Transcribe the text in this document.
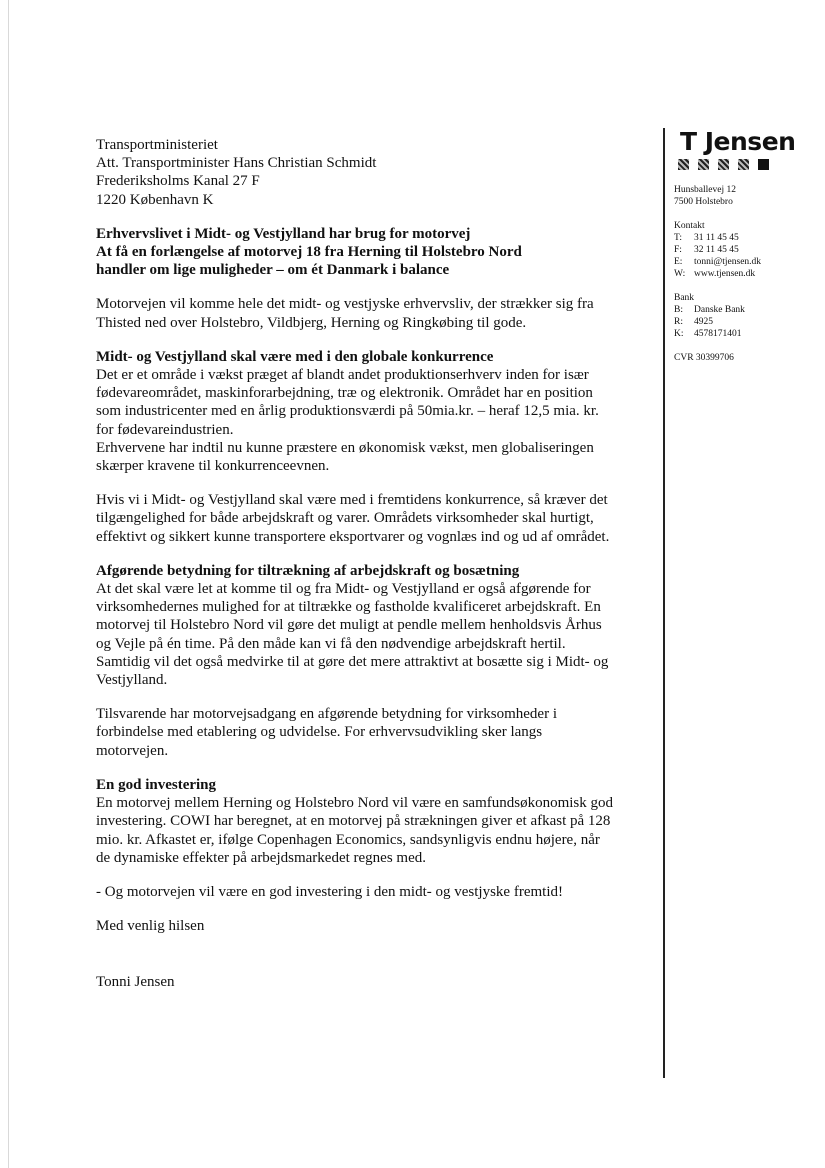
Transportministeriet
Att. Transportminister Hans Christian Schmidt
Frederiksholms Kanal 27 F
1220 København K
Erhvervslivet i Midt- og Vestjylland har brug for motorvej
At få en forlængelse af motorvej 18 fra Herning til Holstebro Nord
handler om lige muligheder – om ét Danmark i balance

Motorvejen vil komme hele det midt- og vestjyske erhvervsliv, der strækker sig fra Thisted ned over Holstebro, Vildbjerg, Herning og Ringkøbing til gode.

Midt- og Vestjylland skal være med i den globale konkurrence

Det er et område i vækst præget af blandt andet produktionserhverv inden for især fødevareområdet, maskinforarbejdning, træ og elektronik. Området har en position som industricenter med en årlig produktionsværdi på 50mia.kr. – heraf 12,5 mia. kr. for fødevareindustrien.

Erhvervene har indtil nu kunne præstere en økonomisk vækst, men globaliseringen skærper kravene til konkurrenceevnen.

Hvis vi i Midt- og Vestjylland skal være med i fremtidens konkurrence, så kræver det tilgængelighed for både arbejdskraft og varer. Områdets virksomheder skal hurtigt, effektivt og sikkert kunne transportere eksportvarer og vognlæs ind og ud af området.

Afgørende betydning for tiltrækning af arbejdskraft og bosætning

At det skal være let at komme til og fra Midt- og Vestjylland er også afgørende for virksomhedernes mulighed for at tiltrække og fastholde kvalificeret arbejdskraft. En motorvej til Holstebro Nord vil gøre det muligt at pendle mellem henholdsvis Århus og Vejle på én time. På den måde kan vi få den nødvendige arbejdskraft hertil. Samtidig vil det også medvirke til at gøre det mere attraktivt at bosætte sig i Midt- og Vestjylland.

Tilsvarende har motorvejsadgang en afgørende betydning for virksomheder i forbindelse med etablering og udvidelse. For erhvervsudvikling sker langs motorvejen.

En god investering

En motorvej mellem Herning og Holstebro Nord vil være en samfundsøkonomisk god investering. COWI har beregnet, at en motorvej på strækningen giver et afkast på 128 mio. kr. Afkastet er, ifølge Copenhagen Economics, sandsynligvis endnu højere, når de dynamiske effekter på arbejdsmarkedet regnes med.

- Og motorvejen vil være en god investering i den midt- og vestjyske fremtid!

Med venlig hilsen

Tonni Jensen

T Jensen
Hunsballevej 12
7500 Holstebro
Kontakt
T:	31 11 45 45
F:	32 11 45 45
E:	tonni@tjensen.dk
W: www.tjensen.dk
Bank
B:	Danske Bank
R:	4925
K: 4578171401
CVR 30399706
